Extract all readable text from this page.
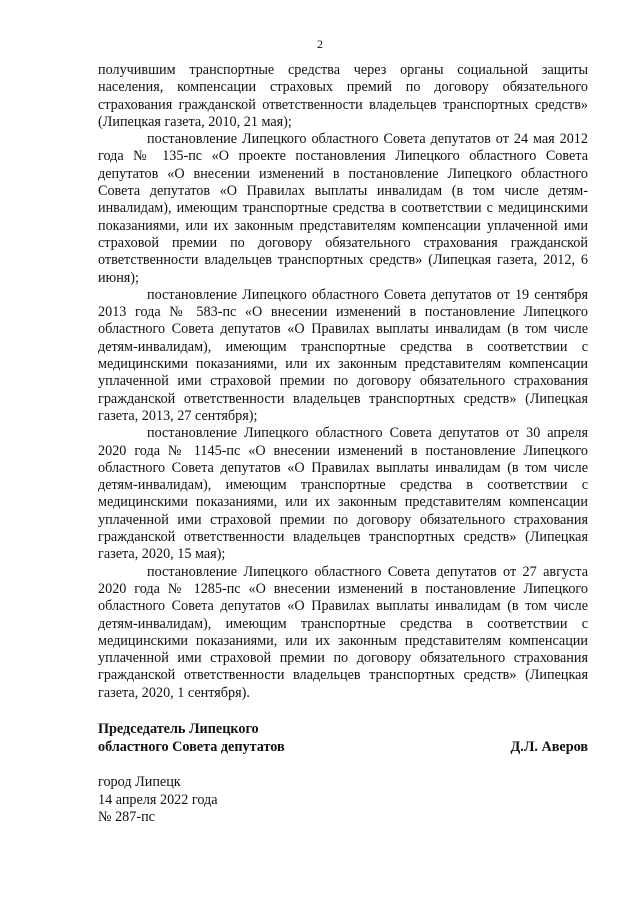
2

получившим транспортные средства через органы социальной защиты населения, компенсации страховых премий по договору обязательного страхования гражданской ответственности владельцев транспортных средств» (Липецкая газета, 2010, 21 мая);

постановление Липецкого областного Совета депутатов от 24 мая 2012 года № 135-пс «О проекте постановления Липецкого областного Совета депутатов «О внесении изменений в постановление Липецкого областного Совета депутатов «О Правилах выплаты инвалидам (в том числе детям-инвалидам), имеющим транспортные средства в соответствии с медицинскими показаниями, или их законным представителям компенсации уплаченной ими страховой премии по договору обязательного страхования гражданской ответственности владельцев транспортных средств» (Липецкая газета, 2012, 6 июня);

постановление Липецкого областного Совета депутатов от 19 сентября 2013 года № 583-пс «О внесении изменений в постановление Липецкого областного Совета депутатов «О Правилах выплаты инвалидам (в том числе детям-инвалидам), имеющим транспортные средства в соответствии с медицинскими показаниями, или их законным представителям компенсации уплаченной ими страховой премии по договору обязательного страхования гражданской ответственности владельцев транспортных средств» (Липецкая газета, 2013, 27 сентября);

постановление Липецкого областного Совета депутатов от 30 апреля 2020 года № 1145-пс «О внесении изменений в постановление Липецкого областного Совета депутатов «О Правилах выплаты инвалидам (в том числе детям-инвалидам), имеющим транспортные средства в соответствии с медицинскими показаниями, или их законным представителям компенсации уплаченной ими страховой премии по договору обязательного страхования гражданской ответственности владельцев транспортных средств» (Липецкая газета, 2020, 15 мая);

постановление Липецкого областного Совета депутатов от 27 августа 2020 года № 1285-пс «О внесении изменений в постановление Липецкого областного Совета депутатов «О Правилах выплаты инвалидам (в том числе детям-инвалидам), имеющим транспортные средства в соответствии с медицинскими показаниями, или их законным представителям компенсации уплаченной ими страховой премии по договору обязательного страхования гражданской ответственности владельцев транспортных средств» (Липецкая газета, 2020, 1 сентября).

Председатель Липецкого
областного Совета депутатов	Д.Л. Аверов
город Липецк
14 апреля 2022 года
№ 287-пс
